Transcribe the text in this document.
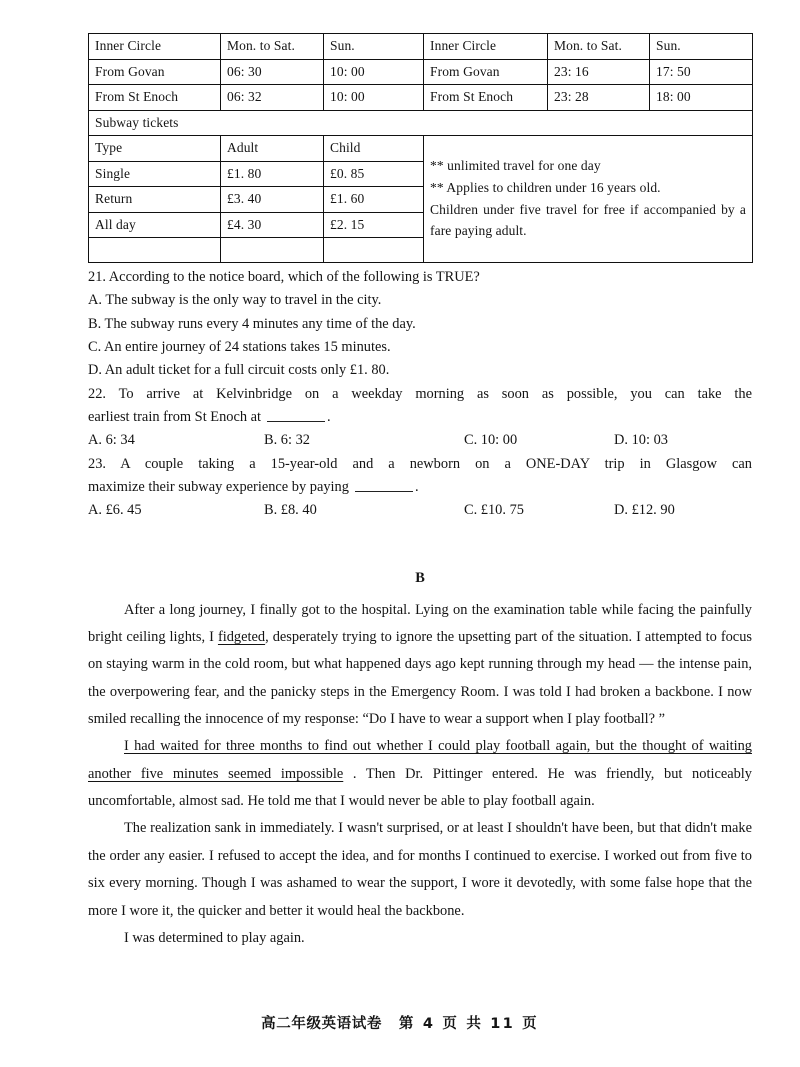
Inner Circle	Mon. to Sat.	Sun.	Inner Circle	Mon. to Sat.	Sun.
From Govan	06: 30	10: 00	From Govan	23: 16	17: 50
From St Enoch	06: 32	10: 00	From St Enoch	23: 28	18: 00
Subway tickets					
Type	Adult	Child	** unlimited travel for one day

** Applies to children under 16 years old.

Children under five travel for free if accompanied by a fare paying adult.		

Single	£1. 80	£0. 85			
Return	£3. 40	£1. 60			
All day	£4. 30	£2. 15			

21. According to the notice board, which of the following is TRUE?
A. The subway is the only way to travel in the city.
B. The subway runs every 4 minutes any time of the day.
C. An entire journey of 24 stations takes 15 minutes.
D. An adult ticket for a full circuit costs only £1. 80.

22. To arrive at Kelvinbridge on a weekday morning as soon as possible, you can take the

earliest train from St Enoch at	.
A. 6: 34	B. 6: 32	C. 10: 00	D. 10: 03

23. A couple taking a 15-year-old and a newborn on a ONE-DAY trip in Glasgow can

maximize their subway experience by paying	.
A. £6. 45	B. £8. 40	C. £10. 75	D. £12. 90

B

After a long journey, I finally got to the hospital. Lying on the examination table while facing the painfully bright ceiling lights, I fidgeted, desperately trying to ignore the upsetting part of the situation. I attempted to focus on staying warm in the cold room, but what happened days ago kept running through my head — the intense pain, the overpowering fear, and the panicky steps in the Emergency Room. I was told I had broken a backbone. I now smiled recalling the innocence of my response: “Do I have to wear a support when I play football? ”

I had waited for three months to find out whether I could play football again, but the thought of waiting another five minutes seemed impossible . Then Dr. Pittinger entered. He was friendly, but noticeably uncomfortable, almost sad. He told me that I would never be able to play football again.

The realization sank in immediately. I wasn't surprised, or at least I shouldn't have been, but that didn't make the order any easier. I refused to accept the idea, and for months I continued to exercise. I worked out from five to six every morning. Though I was ashamed to wear the support, I wore it devotedly, with some false hope that the more I wore it, the quicker and better it would heal the backbone.

I was determined to play again.

高二年级英语试卷 第 4 页 共 11 页
